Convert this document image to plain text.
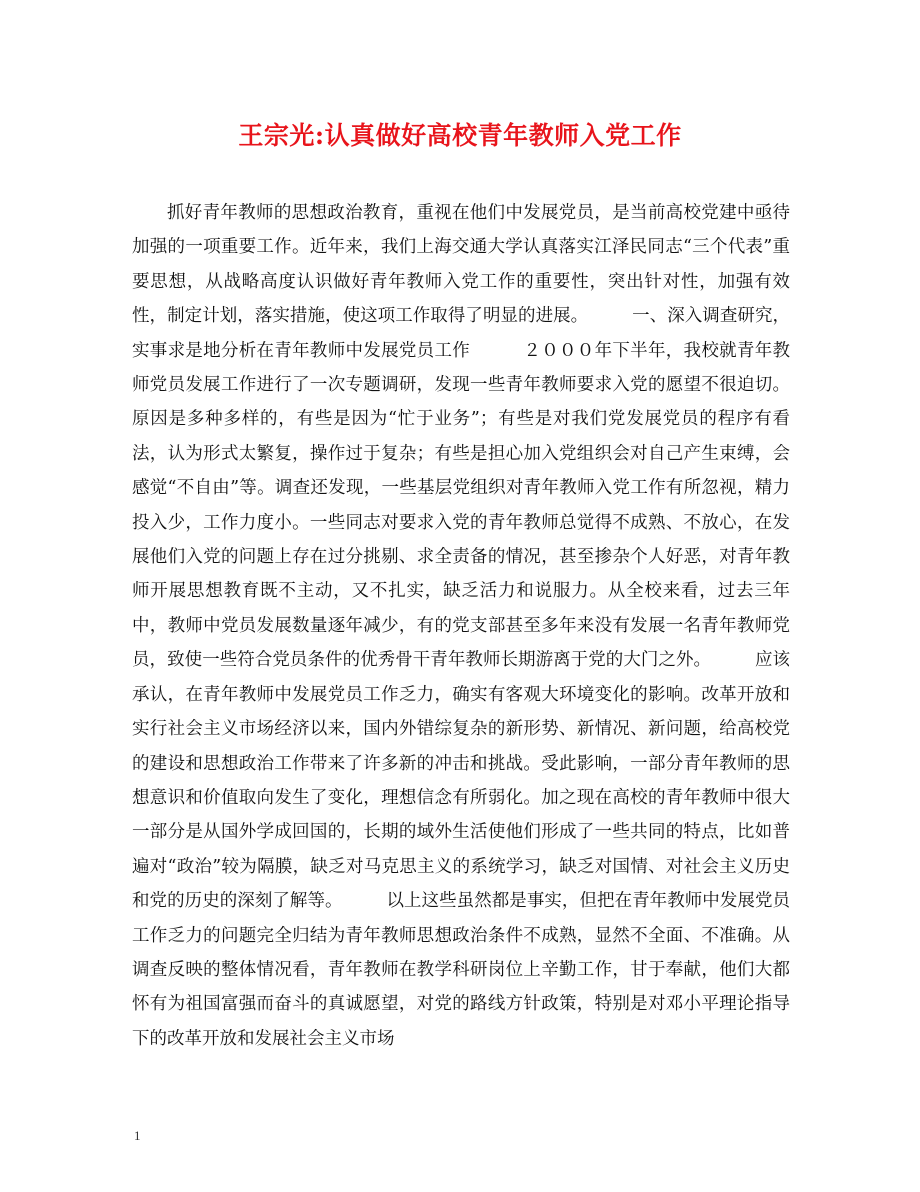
王宗光:认真做好高校青年教师入党工作

抓好青年教师的思想政治教育，重视在他们中发展党员，是当前高校党建中亟待加强的一项重要工作。近年来，我们上海交通大学认真落实江泽民同志“三个代表”重要思想，从战略高度认识做好青年教师入党工作的重要性，突出针对性，加强有效性，制定计划，落实措施，使这项工作取得了明显的进展。　　　一、深入调查研究，实事求是地分析在青年教师中发展党员工作　　　２０００年下半年，我校就青年教师党员发展工作进行了一次专题调研，发现一些青年教师要求入党的愿望不很迫切。原因是多种多样的，有些是因为“忙于业务”；有些是对我们党发展党员的程序有看法，认为形式太繁复，操作过于复杂；有些是担心加入党组织会对自己产生束缚，会感觉“不自由”等。调查还发现，一些基层党组织对青年教师入党工作有所忽视，精力投入少，工作力度小。一些同志对要求入党的青年教师总觉得不成熟、不放心，在发展他们入党的问题上存在过分挑剔、求全责备的情况，甚至掺杂个人好恶，对青年教师开展思想教育既不主动，又不扎实，缺乏活力和说服力。从全校来看，过去三年中，教师中党员发展数量逐年减少，有的党支部甚至多年来没有发展一名青年教师党员，致使一些符合党员条件的优秀骨干青年教师长期游离于党的大门之外。　　　应该承认，在青年教师中发展党员工作乏力，确实有客观大环境变化的影响。改革开放和实行社会主义市场经济以来，国内外错综复杂的新形势、新情况、新问题，给高校党的建设和思想政治工作带来了许多新的冲击和挑战。受此影响，一部分青年教师的思想意识和价值取向发生了变化，理想信念有所弱化。加之现在高校的青年教师中很大一部分是从国外学成回国的，长期的域外生活使他们形成了一些共同的特点，比如普遍对“政治”较为隔膜，缺乏对马克思主义的系统学习，缺乏对国情、对社会主义历史和党的历史的深刻了解等。　　　以上这些虽然都是事实，但把在青年教师中发展党员工作乏力的问题完全归结为青年教师思想政治条件不成熟，显然不全面、不准确。从调查反映的整体情况看，青年教师在教学科研岗位上辛勤工作，甘于奉献，他们大都怀有为祖国富强而奋斗的真诚愿望，对党的路线方针政策，特别是对邓小平理论指导下的改革开放和发展社会主义市场

1
